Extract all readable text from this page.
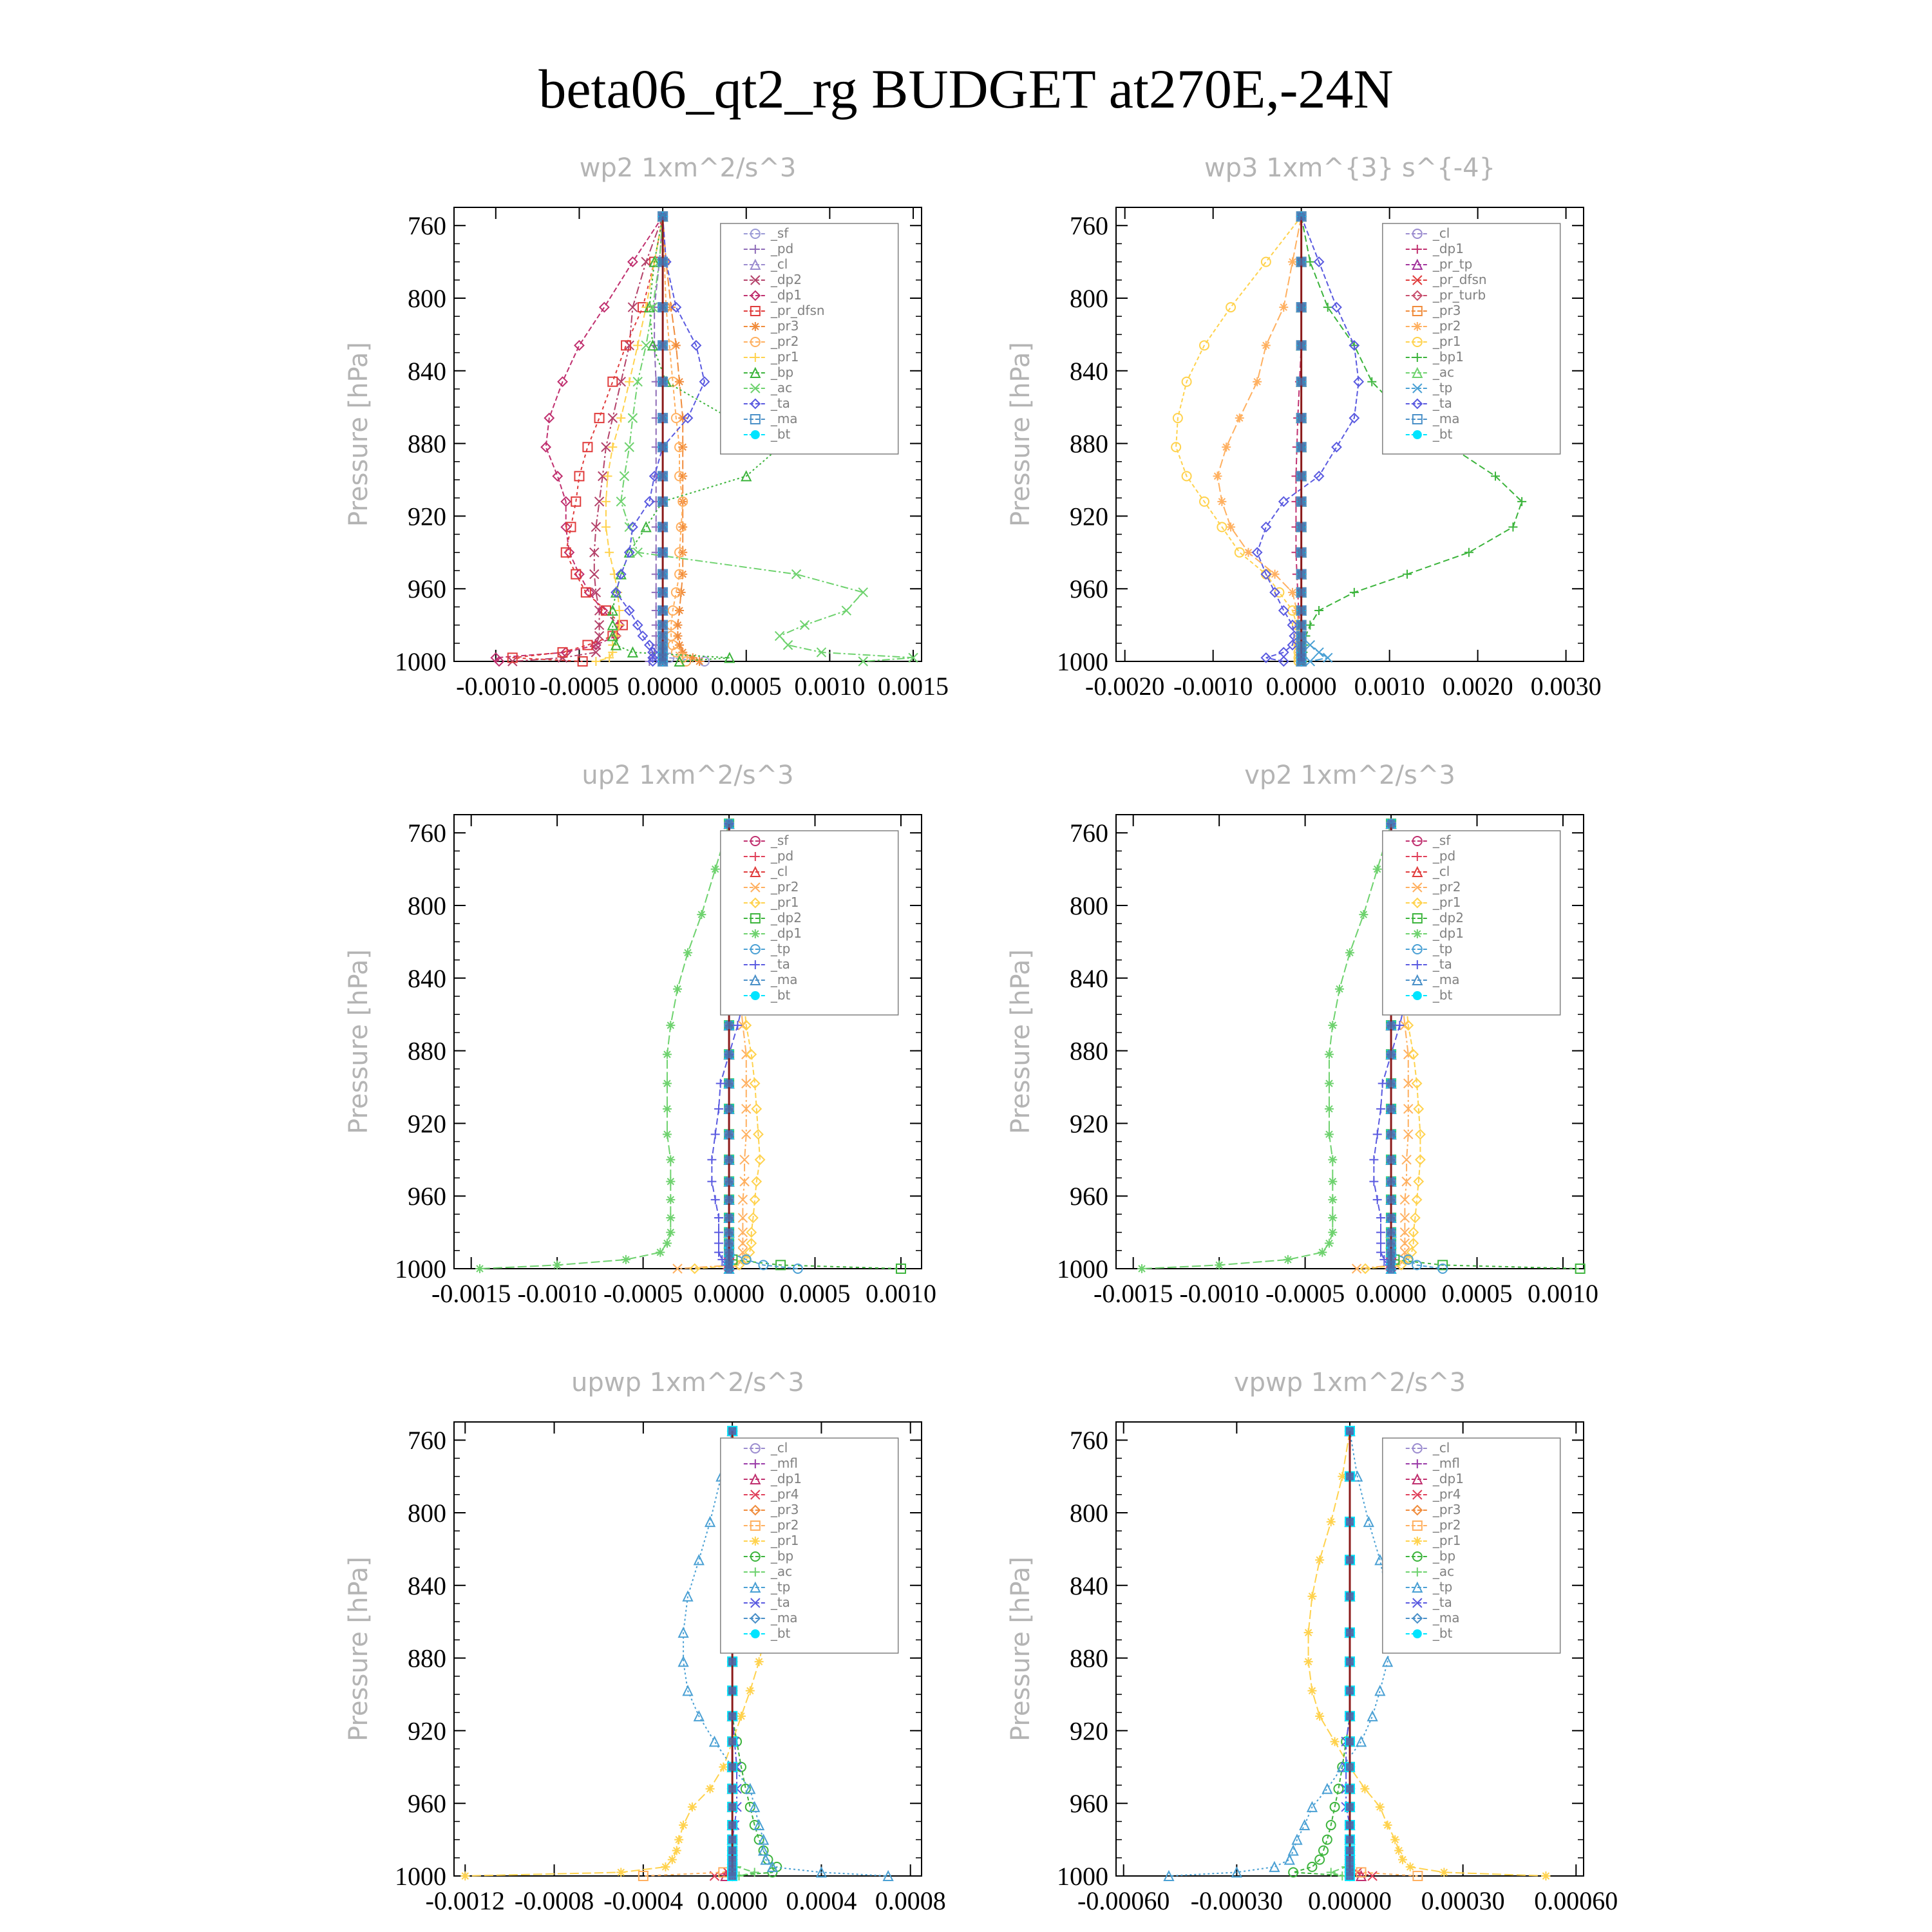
beta06_qt2_rg BUDGET at270E,-24N
wp2 1xm^2/s^3
Pressure [hPa]
760
800
840
880
920
960
1000
-0.0010 -0.0005 0.0000 0.0005 0.0010 0.0015
_sf
_pd
_cl
_dp2
_dp1
_pr_dfsn
_pr3
_pr2
_pr1
_bp
_ac
_ta
_ma
_bt
wp3 1xm^{3} s^{-4}
Pressure [hPa]
760
800
840
880
920
960
1000
-0.0020 -0.0010 0.0000 0.0010 0.0020 0.0030
_cl
_dp1
_pr_tp
_pr_dfsn
_pr_turb
_pr3
_pr2
_pr1
_bp1
_ac
_tp
_ta
_ma
_bt
up2 1xm^2/s^3
Pressure [hPa]
760
800
840
880
920
960
1000
-0.0015 -0.0010 -0.0005 0.0000 0.0005 0.0010
_sf
_pd
_cl
_pr2
_pr1
_dp2
_dp1
_tp
_ta
_ma
_bt
vp2 1xm^2/s^3
Pressure [hPa]
760
800
840
880
920
960
1000
-0.0015 -0.0010 -0.0005 0.0000 0.0005 0.0010
_sf
_pd
_cl
_pr2
_pr1
_dp2
_dp1
_tp
_ta
_ma
_bt
upwp 1xm^2/s^3
Pressure [hPa]
760
800
840
880
920
960
1000
-0.0012 -0.0008 -0.0004 0.0000 0.0004 0.0008
_cl
_mfl
_dp1
_pr4
_pr3
_pr2
_pr1
_bp
_ac
_tp
_ta
_ma
_bt
vpwp 1xm^2/s^3
Pressure [hPa]
760
800
840
880
920
960
1000
-0.00060 -0.00030 0.00000 0.00030 0.00060
_cl
_mfl
_dp1
_pr4
_pr3
_pr2
_pr1
_bp
_ac
_tp
_ta
_ma
_bt
